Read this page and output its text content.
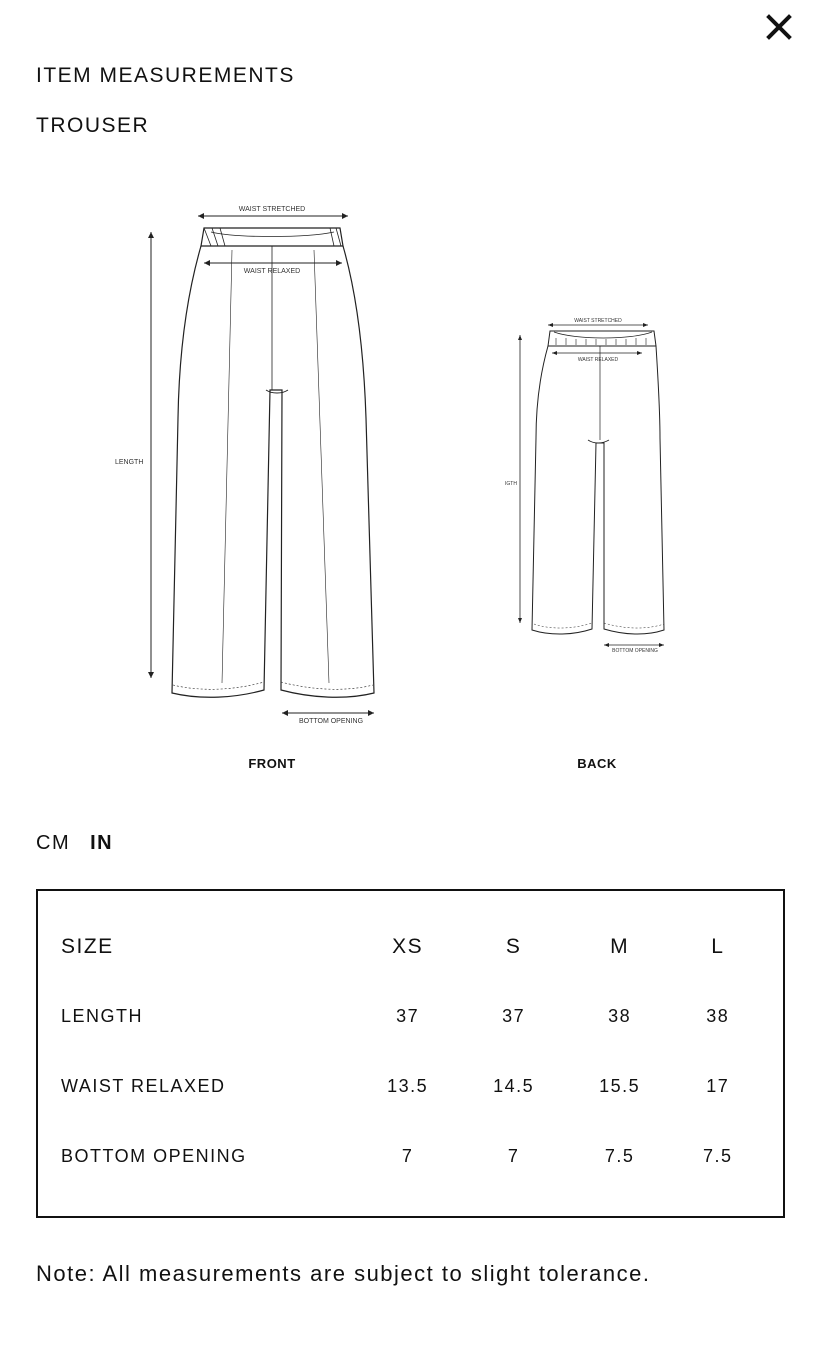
ITEM MEASUREMENTS
TROUSER
WAIST STRETCHED
WAIST RELAXED
LENGTH
BOTTOM OPENING
WAIST STRETCHED
WAIST RELAXED
IGTH
BOTTOM OPENING
FRONT	BACK
CM IN
SIZE	XS	S	M	L
LENGTH	37	37	38	38
WAIST RELAXED	13.5	14.5	15.5	17
BOTTOM OPENING	7	7	7.5	7.5

Note: All measurements are subject to slight tolerance.
